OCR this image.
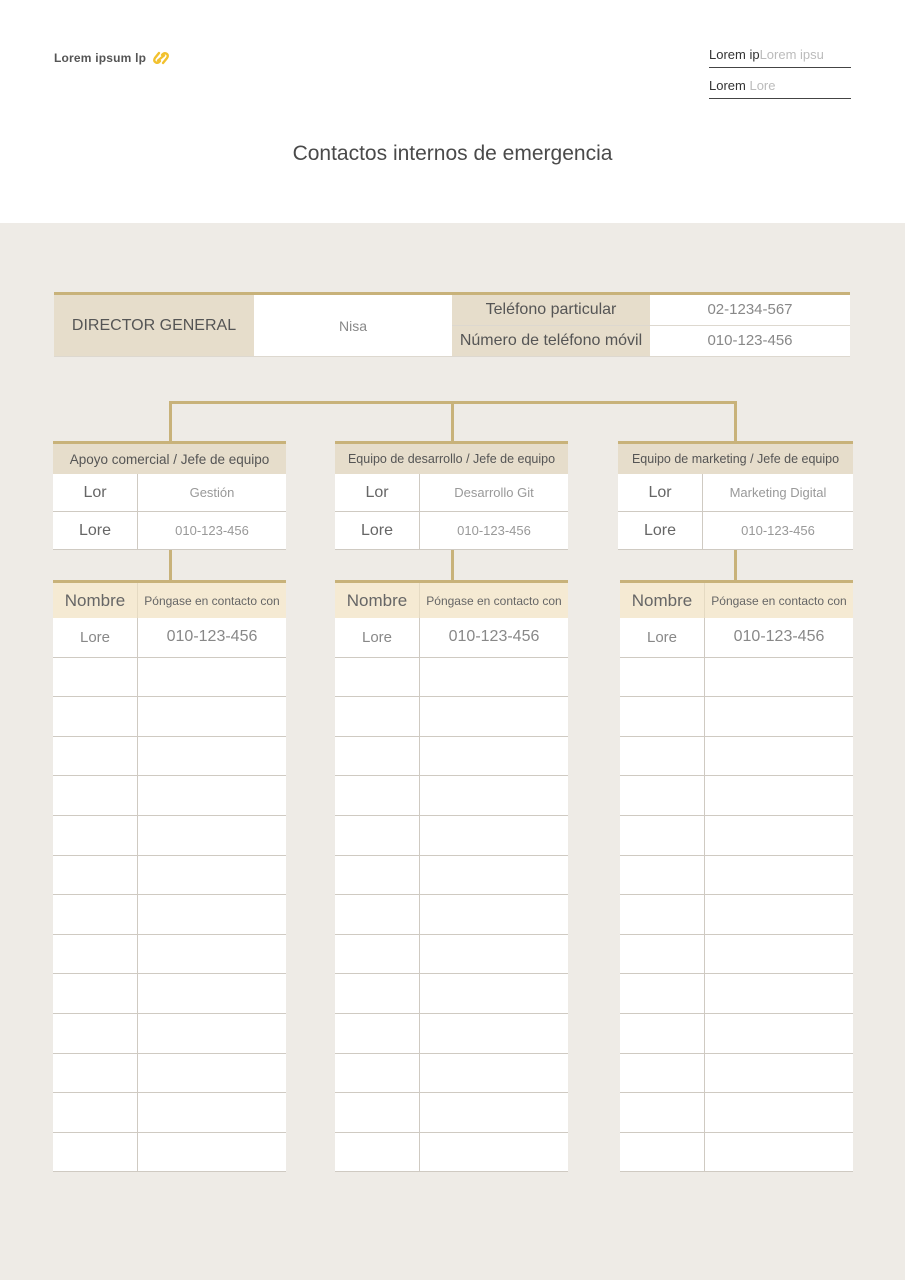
Lorem ipsum lp	Lorem ipLorem ipsu
Lorem Lore
Contactos internos de emergencia
DIRECTOR GENERAL	Nisa
Teléfono particular	02-1234-567
Número de teléfono móvil	010-123-456
Apoyo comercial / Jefe de equipo
Lor	Gestión
Lore	010-123-456
Equipo de desarrollo / Jefe de equipo
Lor	Desarrollo Git
Lore	010-123-456
Equipo de marketing / Jefe de equipo
Lor	Marketing Digital
Lore	010-123-456
Nombre	Póngase en contacto con
Lore	010-123-456
Nombre	Póngase en contacto con
Lore	010-123-456
Nombre	Póngase en contacto con
Lore	010-123-456
